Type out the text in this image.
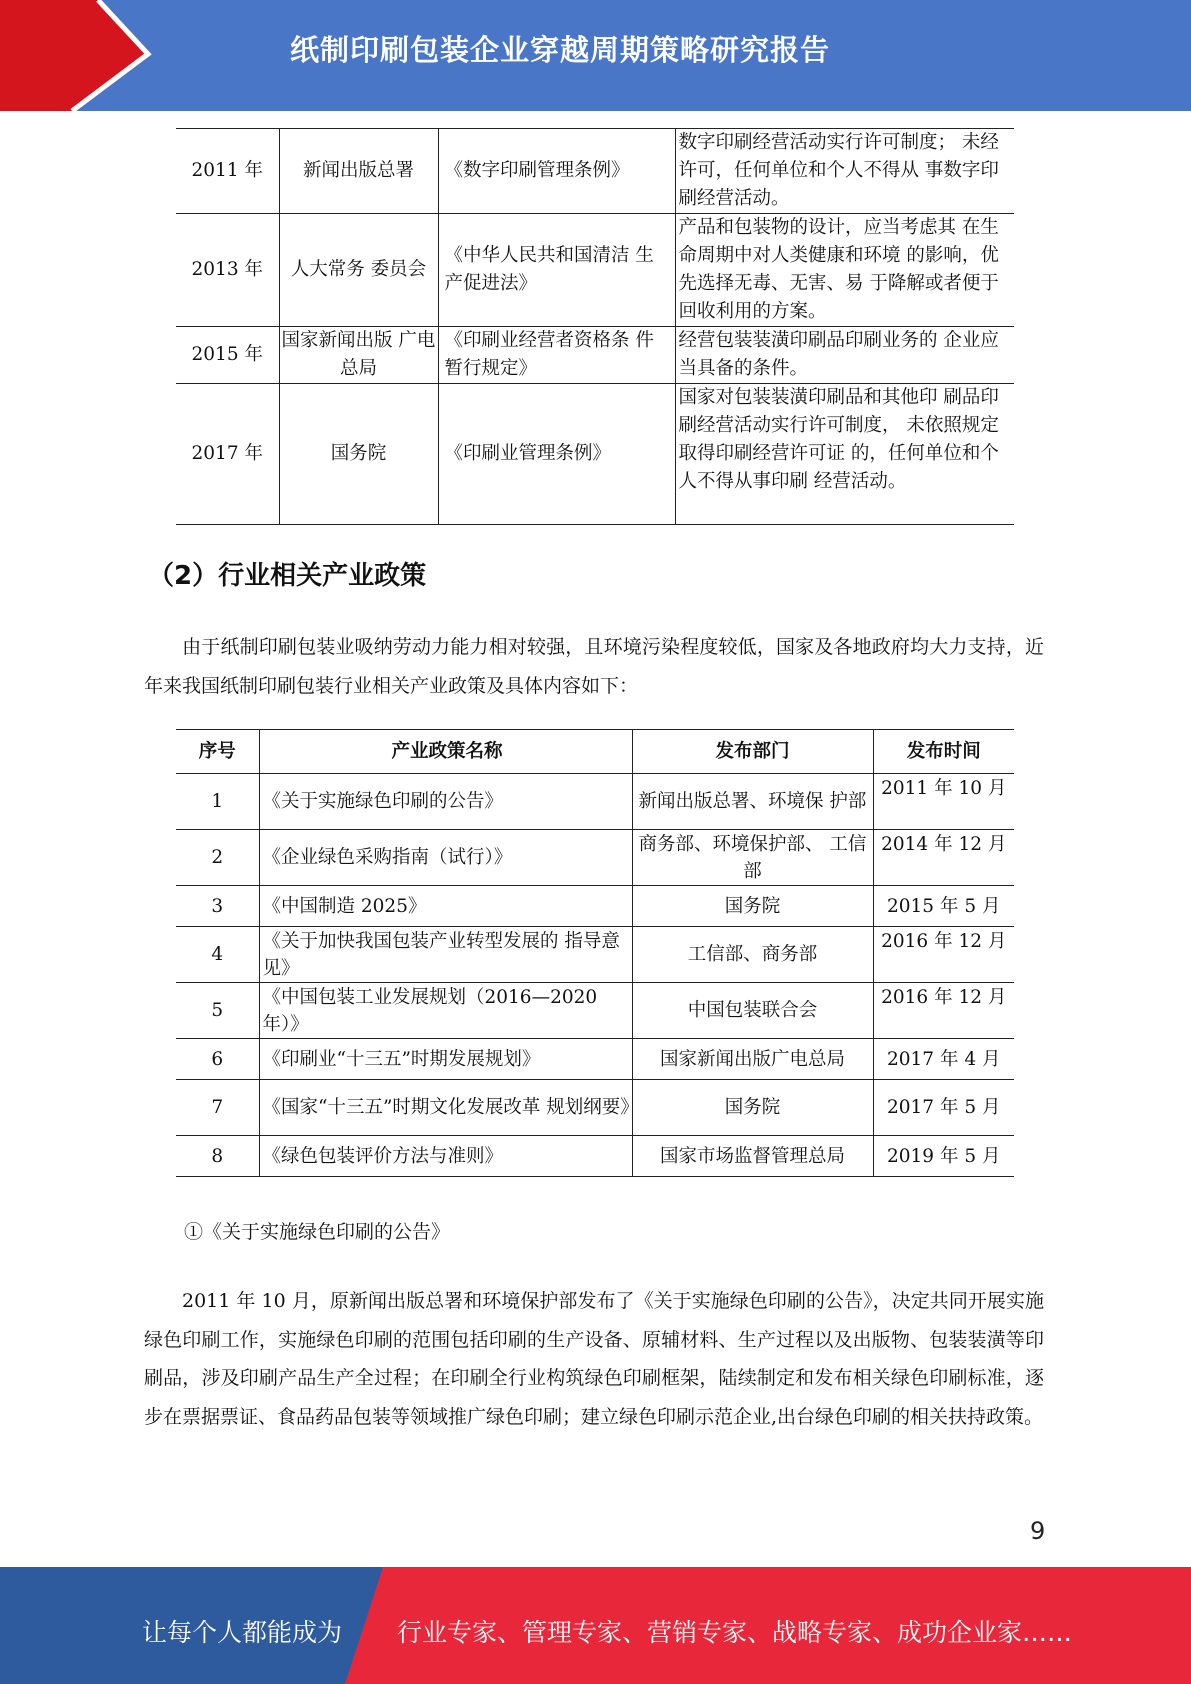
纸制印刷包装企业穿越周期策略研究报告
2011 年	新闻出版总署	《数字印刷管理条例》	数字印刷经营活动实行许可制度； 未经许可，任何单位和个人不得从 事数字印刷经营活动。
2013 年	人大常务 委员会	《中华人民共和国清洁 生产促进法》	产品和包装物的设计，应当考虑其 在生命周期中对人类健康和环境 的影响，优先选择无毒、无害、易 于降解或者便于回收利用的方案。
2015 年	国家新闻出版 广电总局	《印刷业经营者资格条 件暂行规定》	经营包装装潢印刷品印刷业务的 企业应当具备的条件。
2017 年	国务院	《印刷业管理条例》	国家对包装装潢印刷品和其他印 刷品印刷经营活动实行许可制度， 未依照规定取得印刷经营许可证 的，任何单位和个人不得从事印刷 经营活动。
（2）行业相关产业政策
由于纸制印刷包装业吸纳劳动力能力相对较强，且环境污染程度较低，国家及各地政府均大力支持，近年来我国纸制印刷包装行业相关产业政策及具体内容如下：
序号	产业政策名称	发布部门	发布时间
1	《关于实施绿色印刷的公告》	新闻出版总署、环境保 护部	2011 年 10 月

2	《企业绿色采购指南（试行）》	商务部、环境保护部、 工信部	2014 年 12 月

3	《中国制造 2025》	国务院	2015 年 5 月
4	《关于加快我国包装产业转型发展的 指导意见》	工信部、商务部	2016 年 12 月

5	《中国包装工业发展规划（2016—2020 年）》	中国包装联合会	2016 年 12 月

6	《印刷业“十三五”时期发展规划》	国家新闻出版广电总局	2017 年 4 月
7	《国家“十三五”时期文化发展改革 规划纲要》	国务院	2017 年 5 月
8	《绿色包装评价方法与准则》	国家市场监督管理总局	2019 年 5 月
①《关于实施绿色印刷的公告》
2011 年 10 月，原新闻出版总署和环境保护部发布了《关于实施绿色印刷的公告》，决定共同开展实施绿色印刷工作，实施绿色印刷的范围包括印刷的生产设备、原辅材料、生产过程以及出版物、包装装潢等印刷品，涉及印刷产品生产全过程；在印刷全行业构筑绿色印刷框架，陆续制定和发布相关绿色印刷标准，逐步在票据票证、食品药品包装等领域推广绿色印刷；建立绿色印刷示范企业,出台绿色印刷的相关扶持政策。
9
让每个人都能成为 行业专家、管理专家、营销专家、战略专家、成功企业家……
